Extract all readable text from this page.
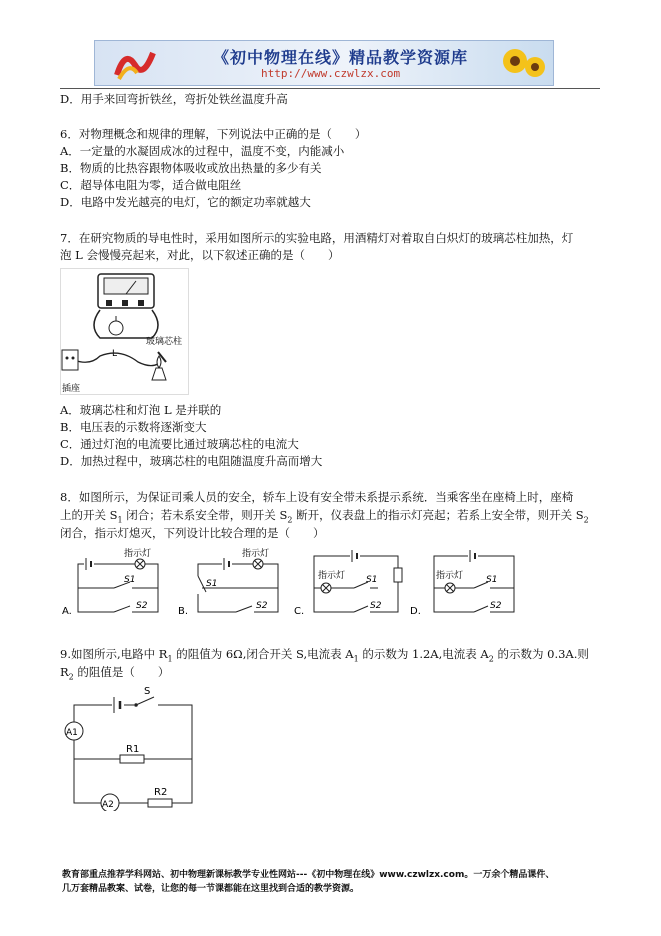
《初中物理在线》精品教学资源库
http://www.czwlzx.com
D．用手来回弯折铁丝，弯折处铁丝温度升高
6．对物理概念和规律的理解，下列说法中正确的是（　　）
A．一定量的水凝固成冰的过程中，温度不变，内能减小
B．物质的比热容跟物体吸收或放出热量的多少有关
C．超导体电阻为零，适合做电阻丝
D．电路中发光越亮的电灯，它的额定功率就越大
7．在研究物质的导电性时，采用如图所示的实验电路，用酒精灯对着取自白炽灯的玻璃芯柱加热，灯
泡 L 会慢慢亮起来，对此，以下叙述正确的是（　　）
L
玻璃芯柱
插座
A．玻璃芯柱和灯泡 L 是并联的
B．电压表的示数将逐渐变大
C．通过灯泡的电流要比通过玻璃芯柱的电流大
D．加热过程中，玻璃芯柱的电阻随温度升高而增大
8．如图所示，为保证司乘人员的安全，轿车上设有安全带未系提示系统．当乘客坐在座椅上时，座椅
上的开关 $S_1$ 闭合；若未系安全带，则开关 $S_2$ 断开，仪表盘上的指示灯亮起；若系上安全带，则开关 $S_2$
闭合，指示灯熄灭，下列设计比较合理的是（　　）
A.
指示灯
S1
S2	B.
指示灯
S1
S2	C.
指示灯 S1
S2	D.
指示灯	S1
S2
9.如图所示,电路中 $R_1$ 的阻值为 6Ω,闭合开关 S,电流表 $A_1$ 的示数为 1.2A,电流表 $A_2$ 的示数为 0.3A.则
$R_2$ 的阻值是（　　）
S
A1
R1
A2
R2
教育部重点推荐学科网站、初中物理新课标教学专业性网站---《初中物理在线》www.czwlzx.com。一万余个精品课件、
几万套精品教案、试卷，让您的每一节课都能在这里找到合适的教学资源。
